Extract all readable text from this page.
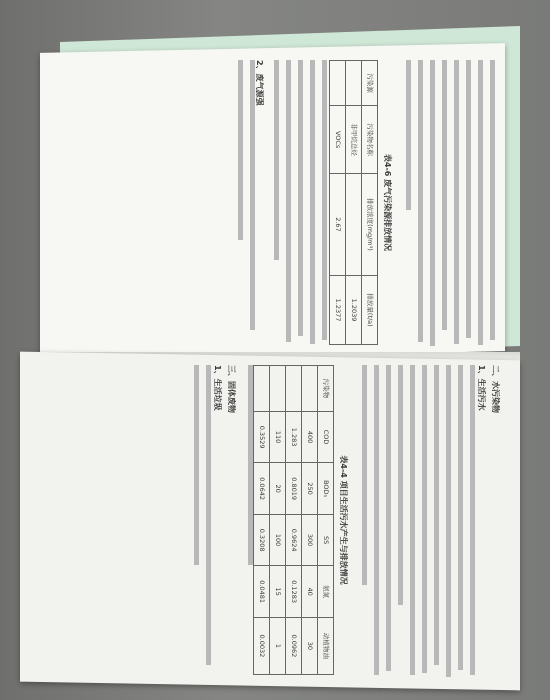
表4-6 废气污染源排放情况
污染源	污染物名称	排放浓度(mg/m³)	排放量(t/a)
	非甲烷总烃		1.2039
	VOCs	2.67	1.2377
2、废气源强
二、水污染物
1、生活污水
表4-4 项目生活污水产生与排放情况
污染物	COD	BOD₅	SS	氨氮	动植物油
	400	250	300	40	30
	1.283	0.8019	0.9624	0.1283	0.0962
	110	20	100	15	1
	0.3529	0.0642	0.3208	0.0481	0.0032
三、固体废物
1、生活垃圾
